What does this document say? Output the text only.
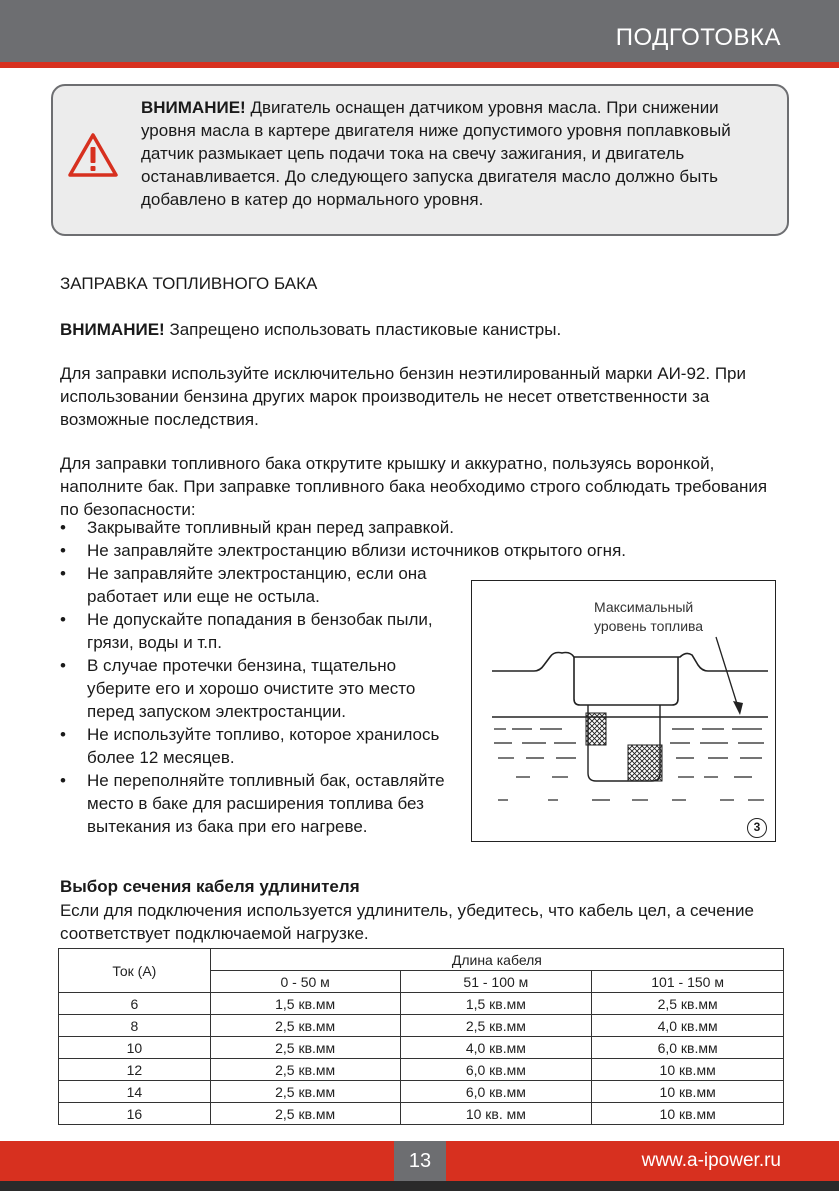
ПОДГОТОВКА
ВНИМАНИЕ! Двигатель оснащен датчиком уровня масла. При снижении уровня масла в картере двигателя ниже допустимого уровня поплавковый датчик размыкает цепь подачи тока на свечу зажигания, и двигатель останавливается. До следующего запуска двигателя масло должно быть добавлено в катер до нормального уровня.
ЗАПРАВКА ТОПЛИВНОГО БАКА
ВНИМАНИЕ! Запрещено использовать пластиковые канистры.
Для заправки используйте исключительно бензин неэтилированный марки АИ-92. При использовании бензина других марок производитель не несет ответственности за возможные последствия.
Для заправки топливного бака открутите крышку и аккуратно, пользуясь воронкой, наполните бак. При заправке топливного бака необходимо строго соблюдать требования по безопасности:
• Закрывайте топливный кран перед заправкой.
• Не заправляйте электростанцию вблизи источников открытого огня.
• Не заправляйте электростанцию, если она работает или еще не остыла.
• Не допускайте попадания в бензобак пыли, грязи, воды и т.п.
• В случае протечки бензина, тщательно уберите его и хорошо очистите это место перед запуском электростанции.
• Не используйте топливо, которое хранилось более 12 месяцев.
• Не переполняйте топливный бак, оставляйте место в баке для расширения топлива без вытекания из бака при его нагреве.
Максимальный
уровень топлива
3
Выбор сечения кабеля удлинителя
Если для подключения используется удлинитель, убедитесь, что кабель цел, а сечение соответствует подключаемой нагрузке.
Ток (А)	Длина кабеля		
	0 - 50 м	51 - 100 м	101 - 150 м
6	1,5 кв.мм	1,5 кв.мм	2,5 кв.мм
8	2,5 кв.мм	2,5 кв.мм	4,0 кв.мм
10	2,5 кв.мм	4,0 кв.мм	6,0 кв.мм
12	2,5 кв.мм	6,0 кв.мм	10 кв.мм
14	2,5 кв.мм	6,0 кв.мм	10 кв.мм
16	2,5 кв.мм	10 кв. мм	10 кв.мм
13	www.a-ipower.ru
